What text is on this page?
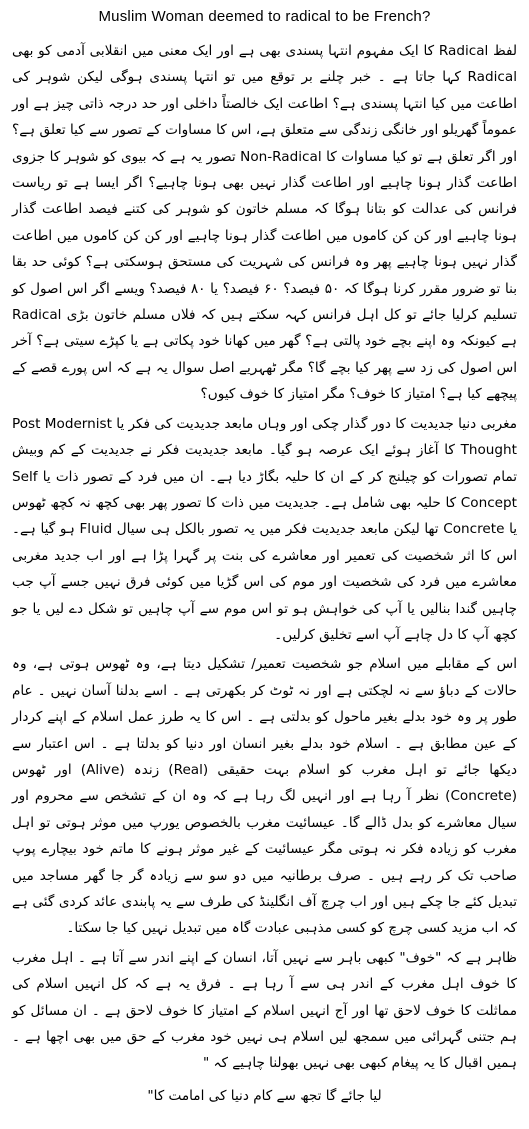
Muslim Woman deemed to radical to be French?

لفظ Radical کا ایک مفہوم انتہا پسندی بھی ہے اور ایک معنی میں انقلابی آدمی کو بھی Radical کہا جاتا ہے ۔ خبر چلنے بر توقع میں تو انتہا پسندی ہوگی لیکن شوہر کی اطاعت میں کیا انتہا پسندی ہے؟ اطاعت ایک خالصتاً داخلی اور حد درجہ ذاتی چیز ہے اور عموماً گھریلو اور خانگی زندگی سے متعلق ہے، اس کا مساوات کے تصور سے کیا تعلق ہے؟ اور اگر تعلق ہے تو کیا مساوات کا Non-Radical تصور یہ ہے کہ بیوی کو شوہر کا جزوی اطاعت گذار ہونا چاہیے اور اطاعت گذار نہیں بھی ہونا چاہیے؟ اگر ایسا ہے تو ریاست فرانس کی عدالت کو بتانا ہوگا کہ مسلم خاتون کو شوہر کی کتنے فیصد اطاعت گذار ہونا چاہیے اور کن کن کاموں میں اطاعت گذار ہونا چاہیے اور کن کن کاموں میں اطاعت گذار نہیں ہونا چاہیے پھر وہ فرانس کی شہریت کی مستحق ہوسکتی ہے؟ کوئی حد بقا بنا تو ضرور مقرر کرنا ہوگا کہ ۵۰ فیصد؟ ۶۰ فیصد؟ یا ۸۰ فیصد؟ ویسے اگر اس اصول کو تسلیم کرلیا جائے تو کل اہل فرانس کہہ سکتے ہیں کہ فلاں مسلم خاتون بڑی Radical ہے کیونکہ وہ اپنے بچے خود پالتی ہے؟ گھر میں کھانا خود پکاتی ہے یا کپڑے سیتی ہے؟ آخر اس اصول کی زد سے پھر کیا بچے گا؟ مگر ٹھہریے اصل سوال یہ ہے کہ اس پورے قصے کے پیچھے کیا ہے؟ امتیاز کا خوف؟ مگر امتیاز کا خوف کیوں؟

مغربی دنیا جدیدیت کا دور گذار چکی اور وہاں مابعد جدیدیت کی فکر یا Post Modernist Thought کا آغاز ہوئے ایک عرصہ ہو گیا۔ مابعد جدیدیت فکر نے جدیدیت کے کم وبیش تمام تصورات کو چیلنج کر کے ان کا حلیہ بگاڑ دیا ہے۔ ان میں فرد کے تصور ذات یا Self Concept کا حلیہ بھی شامل ہے۔ جدیدیت میں ذات کا تصور پھر بھی کچھ نہ کچھ ٹھوس یا Concrete تھا لیکن مابعد جدیدیت فکر میں یہ تصور بالکل ہی سیال Fluid ہو گیا ہے۔ اس کا اثر شخصیت کی تعمیر اور معاشرے کی بنت پر گہرا پڑا ہے اور اب جدید مغربی معاشرے میں فرد کی شخصیت اور موم کی اس گڑیا میں کوئی فرق نہیں جسے آپ جب چاہیں گندا بنالیں یا آپ کی خواہش ہو تو اس موم سے آپ چاہیں تو شکل دے لیں یا جو کچھ آپ کا دل چاہے آپ اسے تخلیق کرلیں۔

اس کے مقابلے میں اسلام جو شخصیت تعمیر/ تشکیل دیتا ہے، وہ ٹھوس ہوتی ہے، وہ حالات کے دباؤ سے نہ لچکتی ہے اور نہ ٹوٹ کر بکھرتی ہے ۔ اسے بدلنا آسان نہیں ۔ عام طور پر وہ خود بدلے بغیر ماحول کو بدلتی ہے ۔ اس کا یہ طرز عمل اسلام کے اپنے کردار کے عین مطابق ہے ۔ اسلام خود بدلے بغیر انسان اور دنیا کو بدلتا ہے ۔ اس اعتبار سے دیکھا جائے تو اہل مغرب کو اسلام بہت حقیقی (Real) زندہ (Alive) اور ٹھوس (Concrete) نظر آ رہا ہے اور انہیں لگ رہا ہے کہ وہ ان کے تشخص سے محروم اور سیال معاشرے کو بدل ڈالے گا۔ عیسائیت مغرب بالخصوص یورپ میں موثر ہوتی تو اہل مغرب کو زیادہ فکر نہ ہوتی مگر عیسائیت کے غیر موثر ہونے کا ماتم خود بیچارے پوپ صاحب تک کر رہے ہیں ۔ صرف برطانیہ میں دو سو سے زیادہ گر جا گھر مساجد میں تبدیل کئے جا چکے ہیں اور اب چرچ آف انگلینڈ کی طرف سے یہ پابندی عائد کردی گئی ہے کہ اب مزید کسی چرچ کو کسی مذہبی عبادت گاہ میں تبدیل نہیں کیا جا سکتا۔

ظاہر ہے کہ "خوف" کبھی باہر سے نہیں آتا، انسان کے اپنے اندر سے آتا ہے ۔ اہل مغرب کا خوف اہل مغرب کے اندر ہی سے آ رہا ہے ۔ فرق یہ ہے کہ کل انہیں اسلام کی مماثلت کا خوف لاحق تھا اور آج انہیں اسلام کے امتیاز کا خوف لاحق ہے ۔ ان مسائل کو ہم جتنی گہرائی میں سمجھ لیں اسلام ہی نہیں خود مغرب کے حق میں بھی اچھا ہے ۔ ہمیں اقبال کا یہ پیغام کبھی بھی نہیں بھولنا چاہیے کہ "

لیا جائے گا تجھ سے کام دنیا کی امامت کا"
